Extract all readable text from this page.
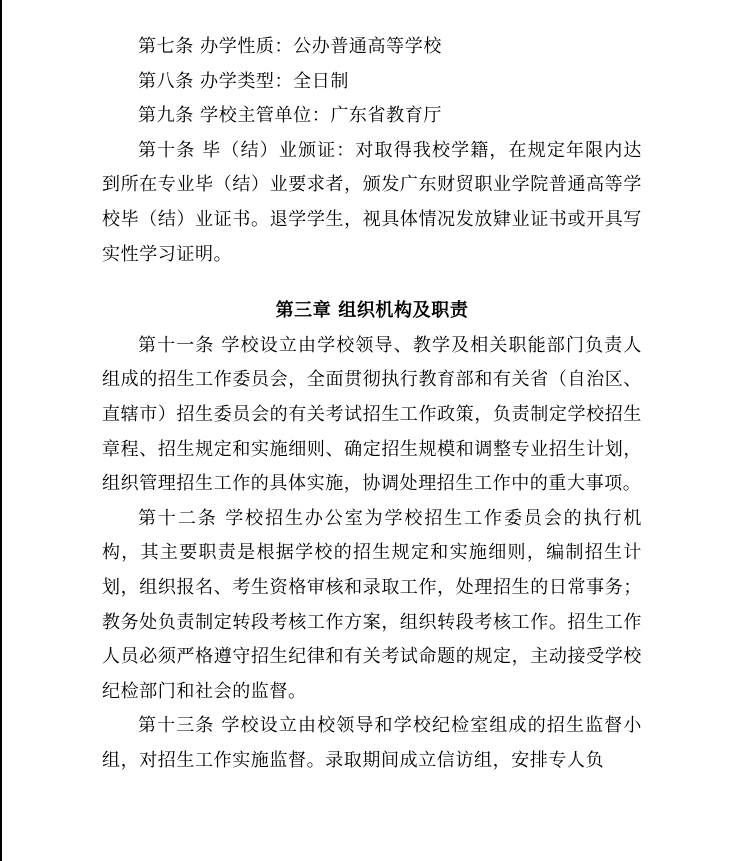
第七条 办学性质：公办普通高等学校

第八条 办学类型：全日制

第九条 学校主管单位：广东省教育厅

第十条 毕（结）业颁证：对取得我校学籍，在规定年限内达到所在专业毕（结）业要求者，颁发广东财贸职业学院普通高等学校毕（结）业证书。退学学生，视具体情况发放肄业证书或开具写实性学习证明。

第三章 组织机构及职责

第十一条 学校设立由学校领导、教学及相关职能部门负责人组成的招生工作委员会，全面贯彻执行教育部和有关省（自治区、直辖市）招生委员会的有关考试招生工作政策，负责制定学校招生章程、招生规定和实施细则、确定招生规模和调整专业招生计划，组织管理招生工作的具体实施，协调处理招生工作中的重大事项。

第十二条 学校招生办公室为学校招生工作委员会的执行机构，其主要职责是根据学校的招生规定和实施细则，编制招生计划，组织报名、考生资格审核和录取工作，处理招生的日常事务；教务处负责制定转段考核工作方案，组织转段考核工作。招生工作人员必须严格遵守招生纪律和有关考试命题的规定，主动接受学校纪检部门和社会的监督。

第十三条 学校设立由校领导和学校纪检室组成的招生监督小组，对招生工作实施监督。录取期间成立信访组，安排专人负
